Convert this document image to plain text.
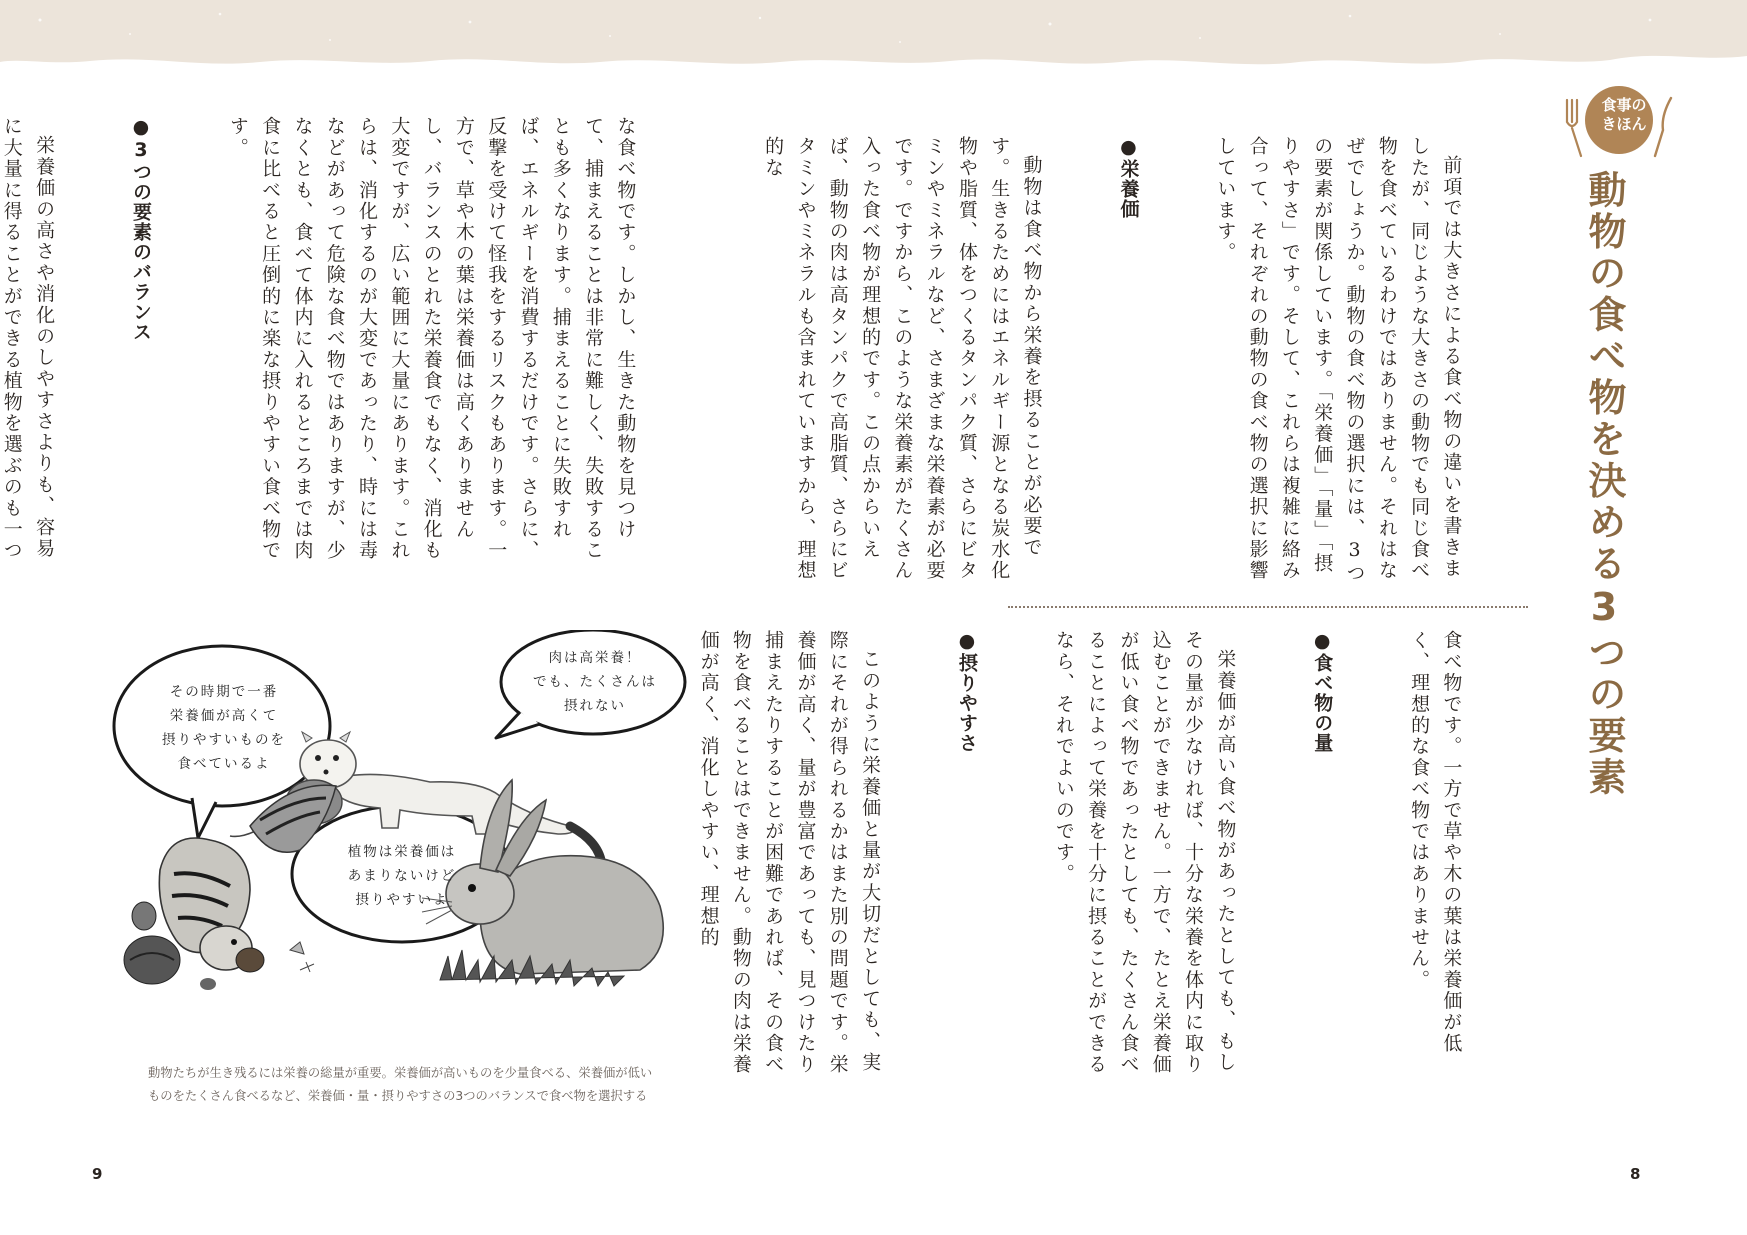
食事の
きほん
動物の食べ物を決める3つの要素

前項では大きさによる食べ物の違いを書きましたが、同じような大きさの動物でも同じ食べ物を食べているわけではありません。それはなぜでしょうか。動物の食べ物の選択には、3つの要素が関係しています。「栄養価」「量」「摂りやすさ」です。そして、これらは複雑に絡み合って、それぞれの動物の食べ物の選択に影響しています。

●栄養価

動物は食べ物から栄養を摂ることが必要です。生きるためにはエネルギー源となる炭水化物や脂質、体をつくるタンパク質、さらにビタミンやミネラルなど、さまざまな栄養素が必要です。ですから、このような栄養素がたくさん入った食べ物が理想的です。この点からいえば、動物の肉は高タンパクで高脂質、さらにビタミンやミネラルも含まれていますから、理想的な

食べ物です。一方で草や木の葉は栄養価が低く、理想的な食べ物ではありません。

●食べ物の量

栄養価が高い食べ物があったとしても、もしその量が少なければ、十分な栄養を体内に取り込むことができません。一方で、たとえ栄養価が低い食べ物であったとしても、たくさん食べることによって栄養を十分に摂ることができるなら、それでよいのです。

●摂りやすさ

このように栄養価と量が大切だとしても、実際にそれが得られるかはまた別の問題です。栄養価が高く、量が豊富であっても、見つけたり捕まえたりすることが困難であれば、その食べ物を食べることはできません。動物の肉は栄養価が高く、消化しやすい、理想的

な食べ物です。しかし、生きた動物を見つけて、捕まえることは非常に難しく、失敗することも多くなります。捕まえることに失敗すれば、エネルギーを消費するだけです。さらに、反撃を受けて怪我をするリスクもあります。一方で、草や木の葉は栄養価は高くありませんし、バランスのとれた栄養食でもなく、消化も大変ですが、広い範囲に大量にあります。これらは、消化するのが大変であったり、時には毒などがあって危険な食べ物ではありますが、少なくとも、食べて体内に入れるところまでは肉食に比べると圧倒的に楽な摂りやすい食べ物です。

●3つの要素のバランス

栄養価の高さや消化のしやすさよりも、容易に大量に得ることができる植物を選ぶのも一つ

その時期で一番
栄養価が高くて
摂りやすいものを
食べているよ
肉は高栄養！
でも、たくさんは
摂れない
植物は栄養価は
あまりないけど
摂りやすいよ
動物たちが生き残るには栄養の総量が重要。栄養価が高いものを少量食べる、栄養価が低い
ものをたくさん食べるなど、栄養価・量・摂りやすさの3つのバランスで食べ物を選択する
9	8
